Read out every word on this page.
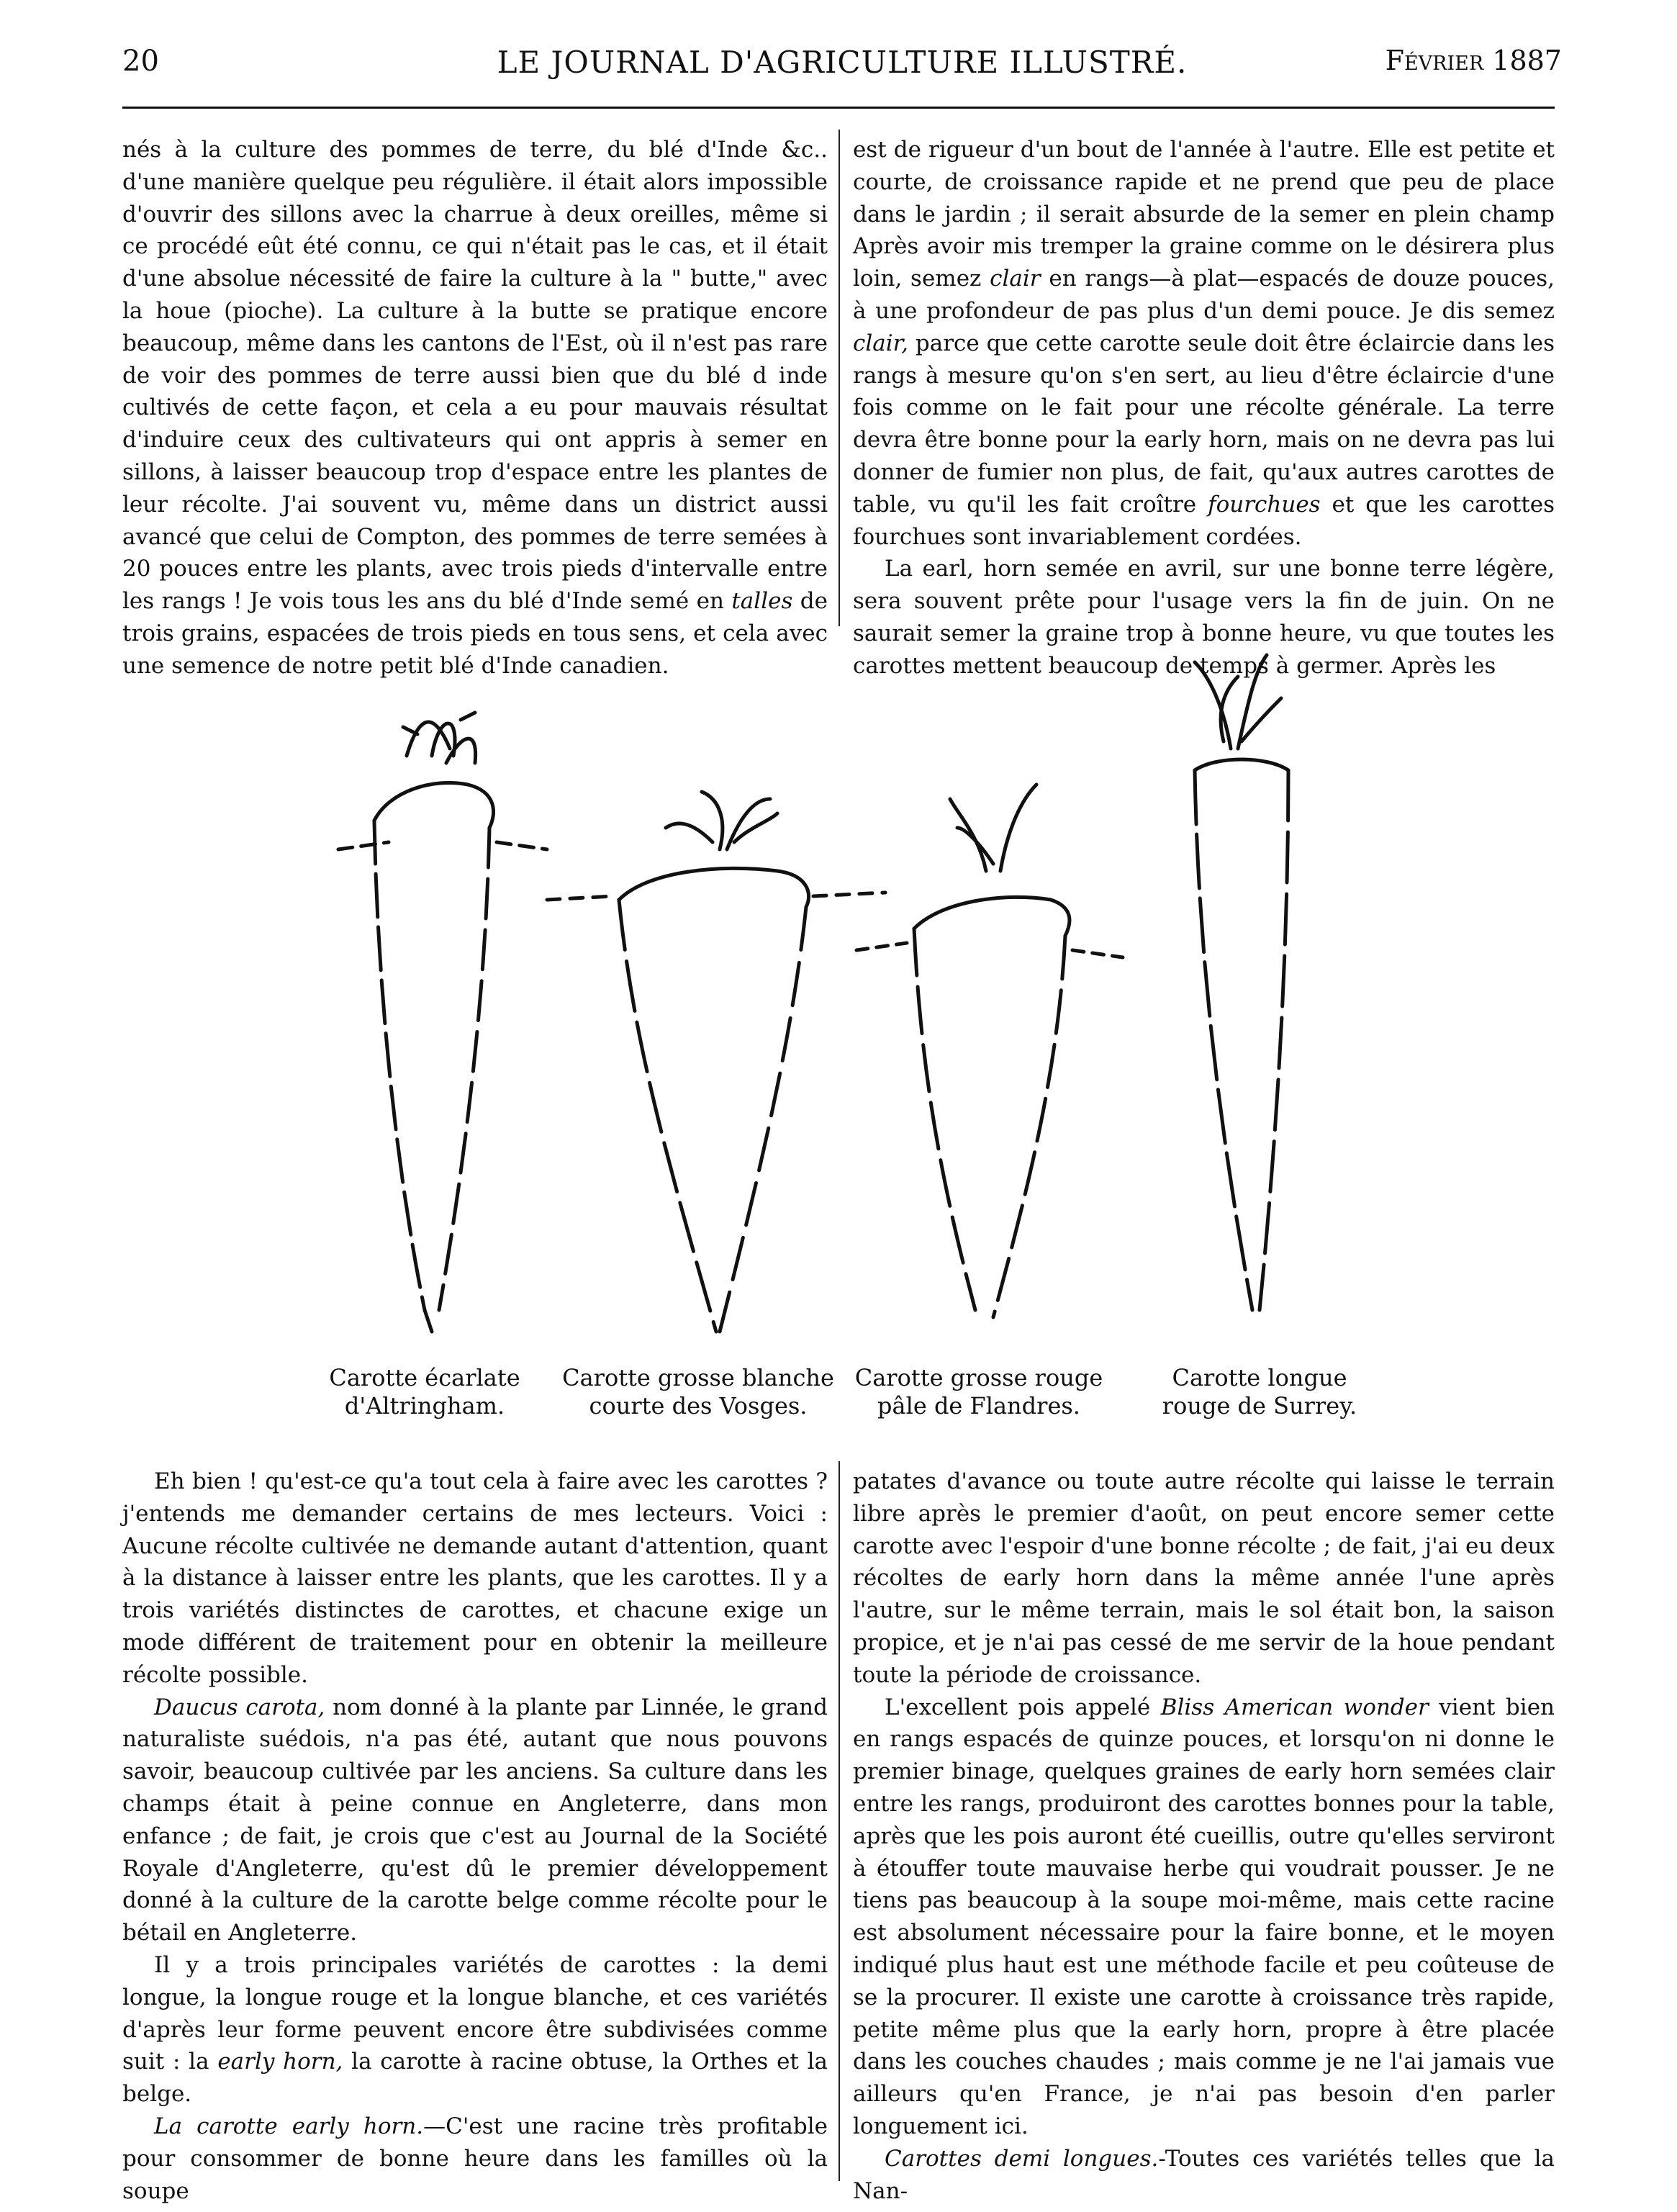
20	LE JOURNAL D'AGRICULTURE ILLUSTRÉ.	Février 1887

nés à la culture des pommes de terre, du blé d'Inde &c.. d'une manière quelque peu régulière. il était alors impossible d'ouvrir des sillons avec la charrue à deux oreilles, même si ce procédé eût été connu, ce qui n'était pas le cas, et il était d'une absolue nécessité de faire la culture à la " butte," avec la houe (pioche). La culture à la butte se pratique encore beaucoup, même dans les cantons de l'Est, où il n'est pas rare de voir des pommes de terre aussi bien que du blé d inde cultivés de cette façon, et cela a eu pour mauvais résultat d'induire ceux des cultivateurs qui ont appris à semer en sillons, à laisser beaucoup trop d'espace entre les plantes de leur récolte. J'ai souvent vu, même dans un district aussi avancé que celui de Compton, des pommes de terre semées à 20 pouces entre les plants, avec trois pieds d'intervalle entre les rangs ! Je vois tous les ans du blé d'Inde semé en talles de trois grains, espacées de trois pieds en tous sens, et cela avec une semence de notre petit blé d'Inde canadien.

est de rigueur d'un bout de l'année à l'autre. Elle est petite et courte, de croissance rapide et ne prend que peu de place dans le jardin ; il serait absurde de la semer en plein champ Après avoir mis tremper la graine comme on le désirera plus loin, semez clair en rangs—à plat—espacés de douze pouces, à une profondeur de pas plus d'un demi pouce. Je dis semez clair, parce que cette carotte seule doit être éclaircie dans les rangs à mesure qu'on s'en sert, au lieu d'être éclaircie d'une fois comme on le fait pour une récolte générale. La terre devra être bonne pour la early horn, mais on ne devra pas lui donner de fumier non plus, de fait, qu'aux autres carottes de table, vu qu'il les fait croître fourchues et que les carottes fourchues sont invariablement cordées.

La earl, horn semée en avril, sur une bonne terre légère, sera souvent prête pour l'usage vers la fin de juin. On ne saurait semer la graine trop à bonne heure, vu que toutes les carottes mettent beaucoup de temps à germer. Après les

Carotte écarlate
d'Altringham.
Carotte grosse blanche
courte des Vosges.
Carotte grosse rouge
pâle de Flandres.
Carotte longue
rouge de Surrey.

Eh bien ! qu'est-ce qu'a tout cela à faire avec les carottes ? j'entends me demander certains de mes lecteurs. Voici : Aucune récolte cultivée ne demande autant d'attention, quant à la distance à laisser entre les plants, que les carottes. Il y a trois variétés distinctes de carottes, et chacune exige un mode différent de traitement pour en obtenir la meilleure récolte possible.

Daucus carota, nom donné à la plante par Linnée, le grand naturaliste suédois, n'a pas été, autant que nous pouvons savoir, beaucoup cultivée par les anciens. Sa culture dans les champs était à peine connue en Angleterre, dans mon enfance ; de fait, je crois que c'est au Journal de la Société Royale d'Angleterre, qu'est dû le premier développement donné à la culture de la carotte belge comme récolte pour le bétail en Angleterre.

Il y a trois principales variétés de carottes : la demi longue, la longue rouge et la longue blanche, et ces variétés d'après leur forme peuvent encore être subdivisées comme suit : la early horn, la carotte à racine obtuse, la Orthes et la belge.

La carotte early horn.—C'est une racine très profitable pour consommer de bonne heure dans les familles où la soupe

patates d'avance ou toute autre récolte qui laisse le terrain libre après le premier d'août, on peut encore semer cette carotte avec l'espoir d'une bonne récolte ; de fait, j'ai eu deux récoltes de early horn dans la même année l'une après l'autre, sur le même terrain, mais le sol était bon, la saison propice, et je n'ai pas cessé de me servir de la houe pendant toute la période de croissance.

L'excellent pois appelé Bliss American wonder vient bien en rangs espacés de quinze pouces, et lorsqu'on ni donne le premier binage, quelques graines de early horn semées clair entre les rangs, produiront des carottes bonnes pour la table, après que les pois auront été cueillis, outre qu'elles serviront à étouffer toute mauvaise herbe qui voudrait pousser. Je ne tiens pas beaucoup à la soupe moi-même, mais cette racine est absolument nécessaire pour la faire bonne, et le moyen indiqué plus haut est une méthode facile et peu coûteuse de se la procurer. Il existe une carotte à croissance très rapide, petite même plus que la early horn, propre à être placée dans les couches chaudes ; mais comme je ne l'ai jamais vue ailleurs qu'en France, je n'ai pas besoin d'en parler longuement ici.

Carottes demi longues.-Toutes ces variétés telles que la Nan-
